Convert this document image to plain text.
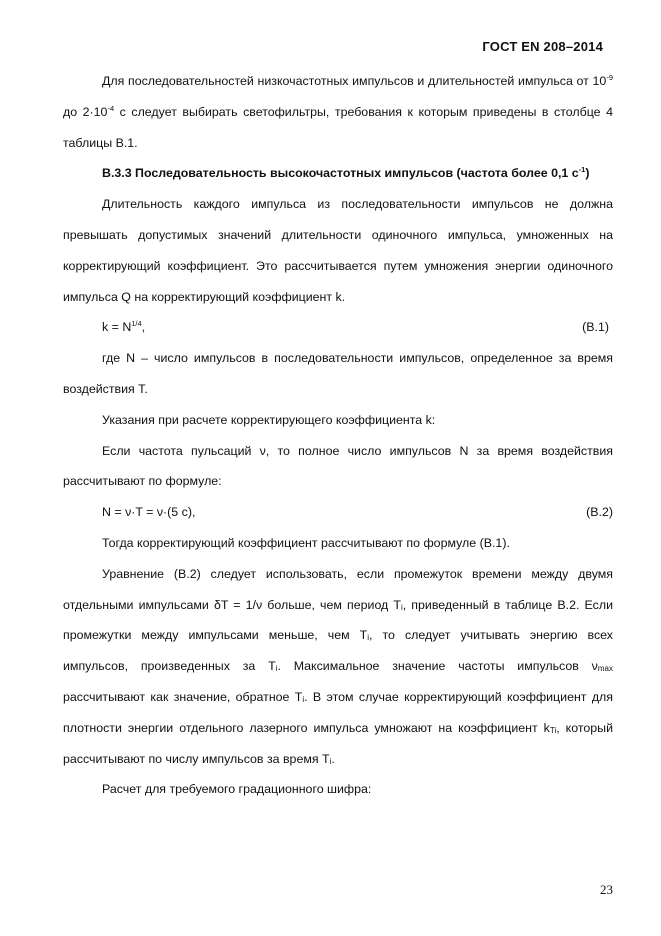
ГОСТ EN 208–2014

Для последовательностей низкочастотных импульсов и длительностей импульса от $10^{-9}$ до $2\cdot 10^{-4}$ с следует выбирать светофильтры, требования к которым приведены в столбце 4 таблицы В.1.

В.3.3 Последовательность высокочастотных импульсов (частота более 0,1 $с^{-1}$)

Длительность каждого импульса из последовательности импульсов не должна превышать допустимых значений длительности одиночного импульса, умноженных на корректирующий коэффициент. Это рассчитывается путем умножения энергии одиночного импульса Q на корректирующий коэффициент k.

$k = N^{1/4}$,	(В.1)

где N – число импульсов в последовательности импульсов, определенное за время воздействия T.

Указания при расчете корректирующего коэффициента k:

Если частота пульсаций ν, то полное число импульсов N за время воздействия рассчитывают по формуле:

N = ν·T = ν·(5 с),	(В.2)

Тогда корректирующий коэффициент рассчитывают по формуле (В.1).

Уравнение (В.2) следует использовать, если промежуток времени между двумя отдельными импульсами δT = 1/ν больше, чем период $T_i$, приведенный в таблице В.2. Если промежутки между импульсами меньше, чем $T_i$, то следует учитывать энергию всех импульсов, произведенных за $T_i$. Максимальное значение частоты импульсов $\nu_{max}$ рассчитывают как значение, обратное $T_i$. В этом случае корректирующий коэффициент для плотности энергии отдельного лазерного импульса умножают на коэффициент $k_{Ti}$, который рассчитывают по числу импульсов за время $T_i$.

Расчет для требуемого градационного шифра:

23
